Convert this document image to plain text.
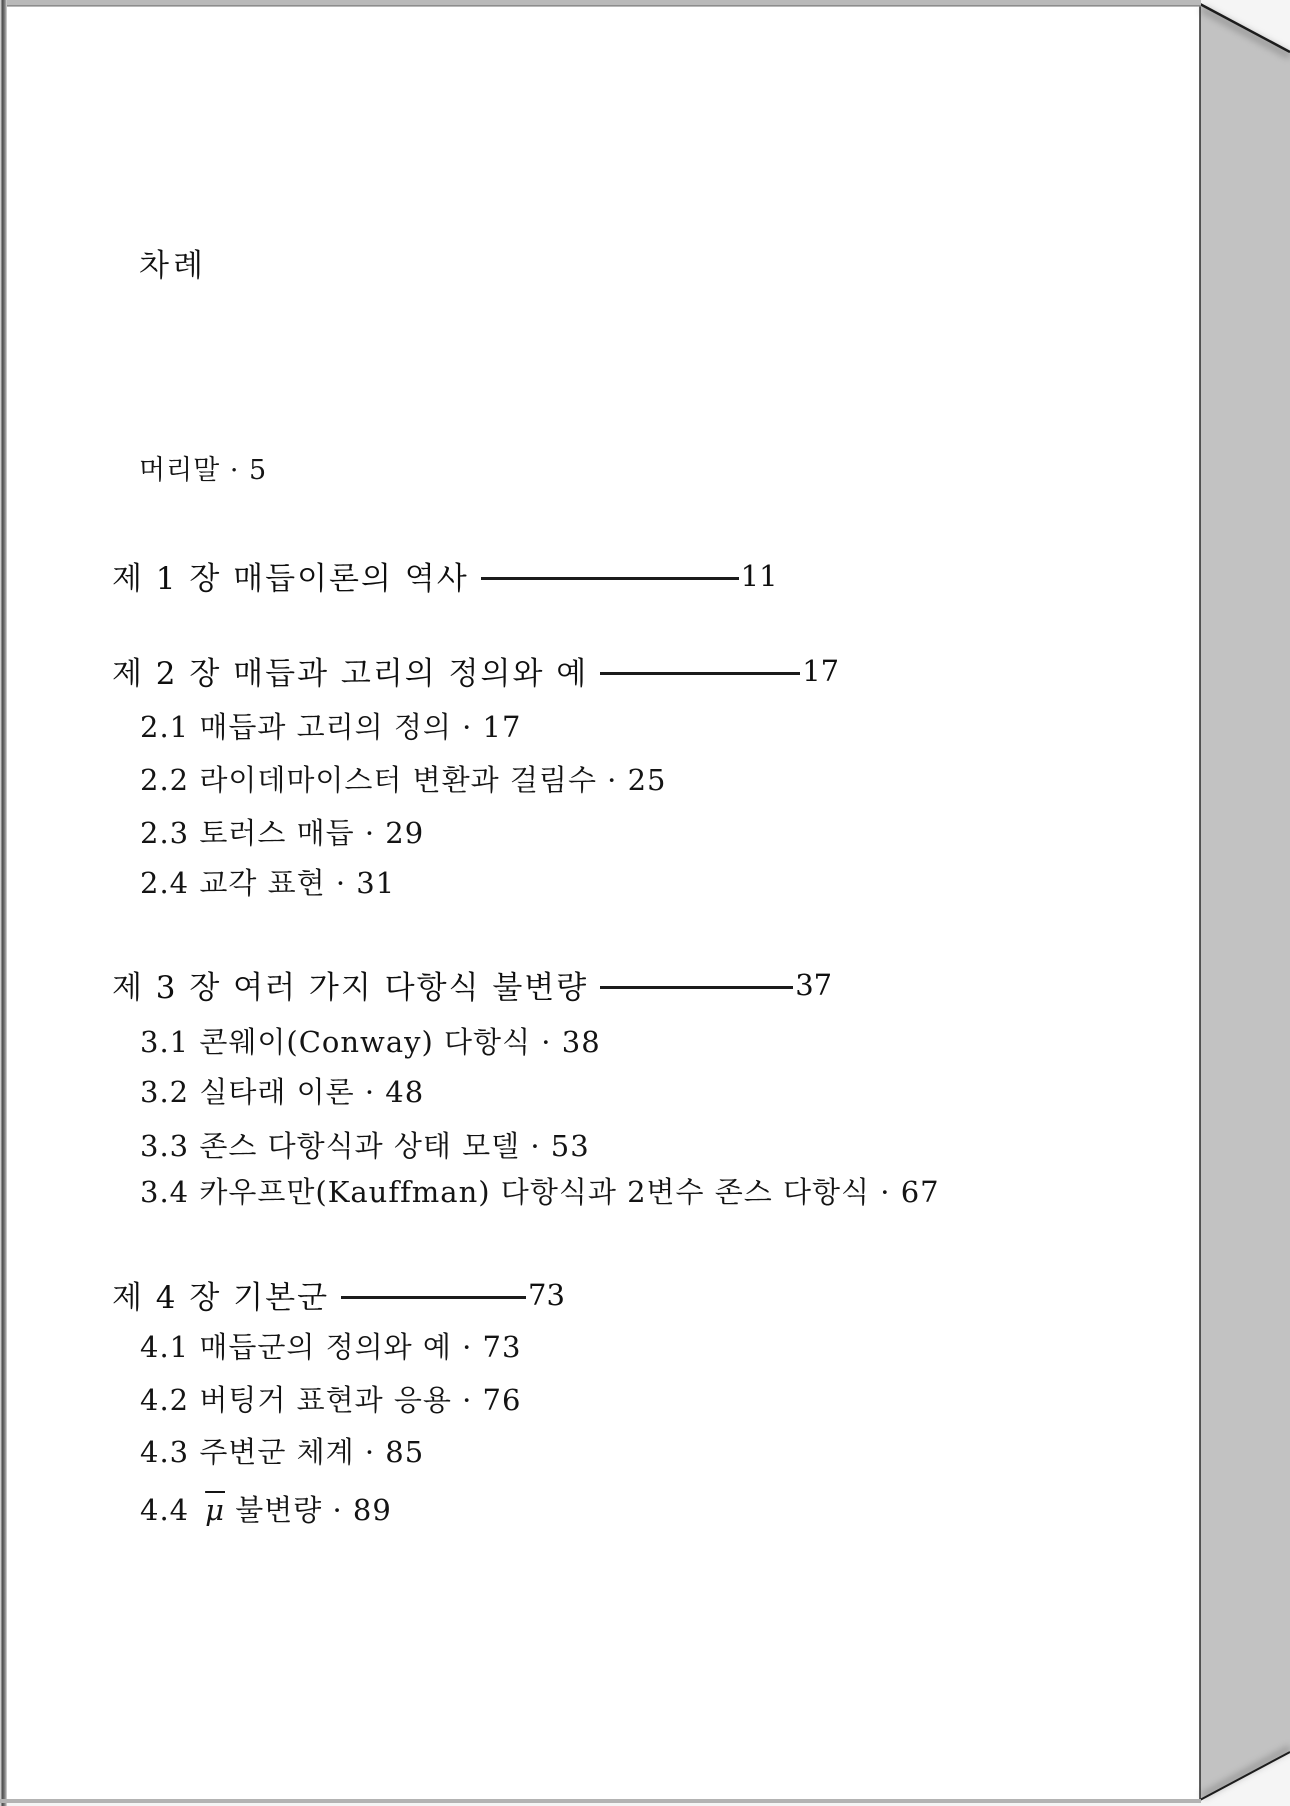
차례
머리말 · 5
제 1 장 매듭이론의 역사	11
제 2 장 매듭과 고리의 정의와 예	17
2.1 매듭과 고리의 정의 · 17
2.2 라이데마이스터 변환과 걸림수 · 25
2.3 토러스 매듭 · 29
2.4 교각 표현 · 31
제 3 장 여러 가지 다항식 불변량	37
3.1 콘웨이(Conway) 다항식 · 38
3.2 실타래 이론 · 48
3.3 존스 다항식과 상태 모델 · 53
3.4 카우프만(Kauffman) 다항식과 2변수 존스 다항식 · 67
제 4 장 기본군	73
4.1 매듭군의 정의와 예 · 73
4.2 버팅거 표현과 응용 · 76
4.3 주변군 체계 · 85
4.4 $\overline{\mu}$ 불변량 · 89
